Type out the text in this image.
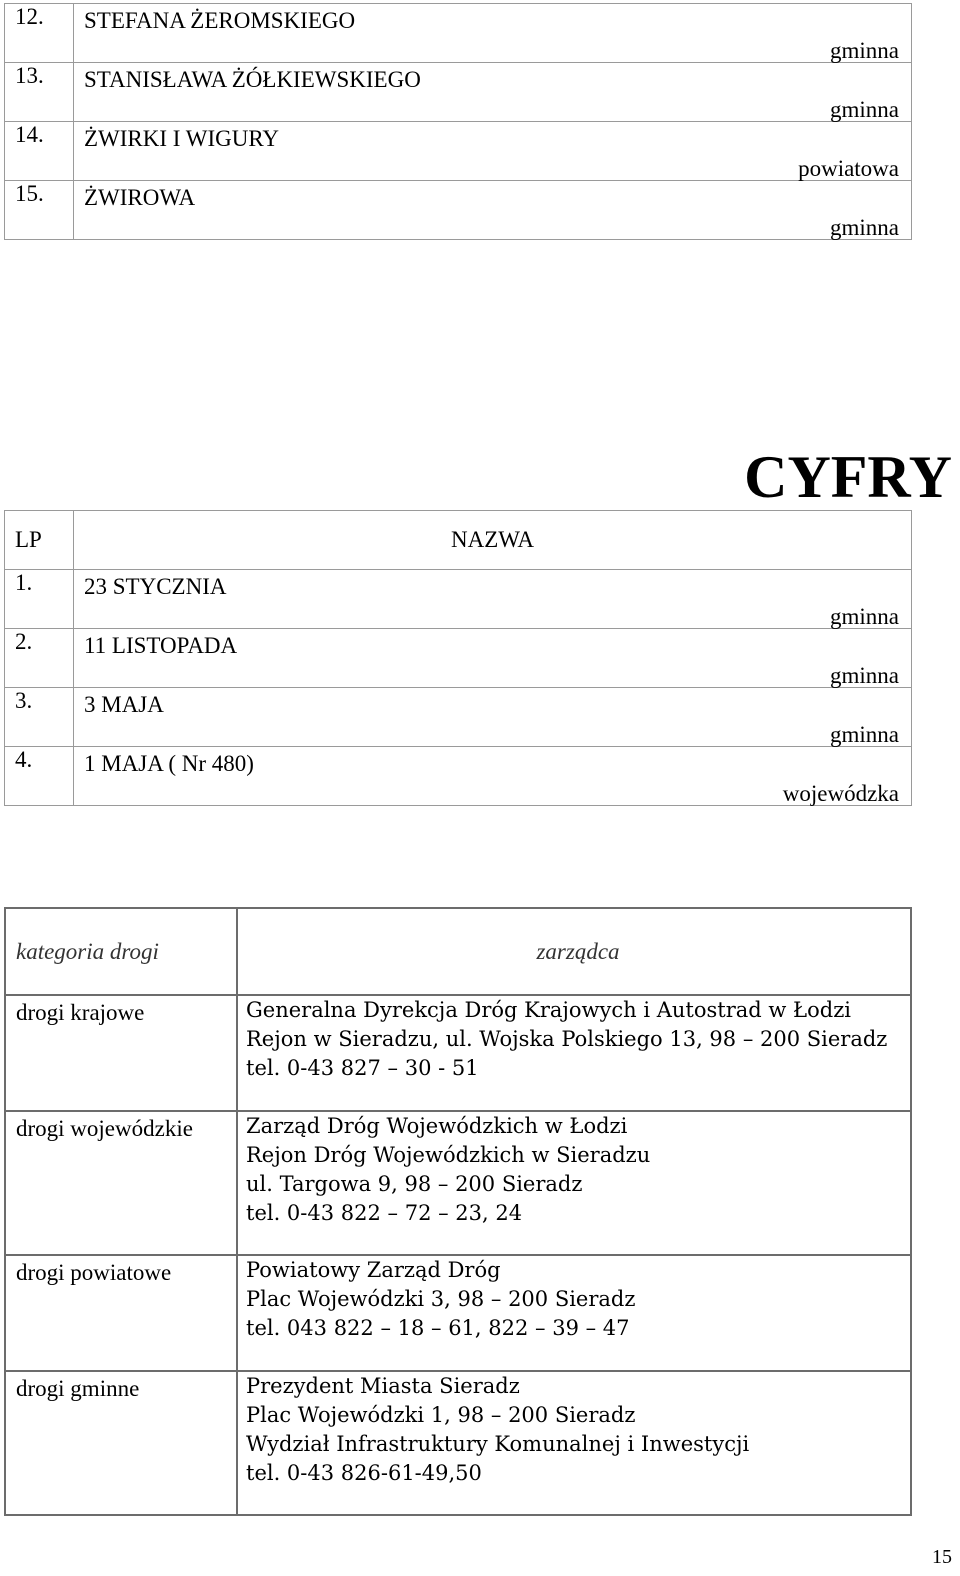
12.	STEFANA ŻEROMSKIEGO
gminna

13.	STANISŁAWA ŻÓŁKIEWSKIEGO
gminna

14.	ŻWIRKI I WIGURY
powiatowa

15.	ŻWIROWA
gminna
CYFRY
LP	NAZWA
1.	23 STYCZNIA
gminna

2.	11 LISTOPADA
gminna

3.	3 MAJA
gminna

4.	1 MAJA ( Nr 480)
wojewódzka
kategoria drogi	zarządca

drogi krajowe	Generalna Dyrekcja Dróg Krajowych i Autostrad w Łodzi
Rejon w Sieradzu, ul. Wojska Polskiego 13, 98 – 200 Sieradz
tel. 0-43 827 – 30 - 51

drogi wojewódzkie	Zarząd Dróg Wojewódzkich w Łodzi
Rejon Dróg Wojewódzkich w Sieradzu
ul. Targowa 9, 98 – 200 Sieradz
tel. 0-43 822 – 72 – 23, 24

drogi powiatowe	Powiatowy Zarząd Dróg
Plac Wojewódzki 3, 98 – 200 Sieradz
tel. 043 822 – 18 – 61, 822 – 39 – 47

drogi gminne	Prezydent Miasta Sieradz
Plac Wojewódzki 1, 98 – 200 Sieradz
Wydział Infrastruktury Komunalnej i Inwestycji
tel. 0-43 826-61-49,50
15
